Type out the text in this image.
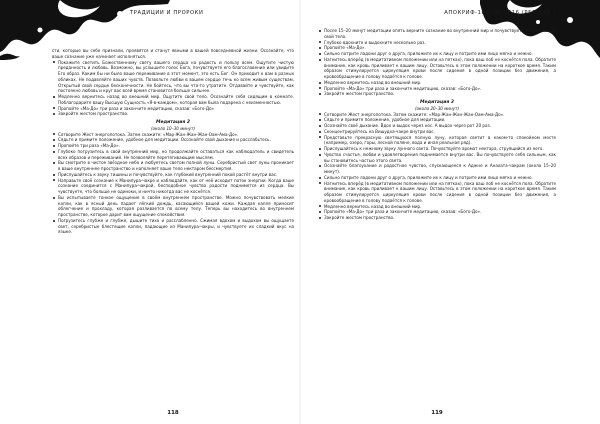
ТРАДИЦИИ И ПРОРОКИ

сти, которые вы себе признали, проявятся и станут явными в вашей повседневной жизни. Осознайте, что ваше сознание уже начинает исполняться.

Покажите светить Божественному свету вашего сердца на радость и пользу всем. Ощутите чистую преданность и любовь. Возможно, вы услышите голос Бога, почувствуете его благословение или увидите Его образ. Каким бы ни было ваше переживание в этот момент, это есть Бог. Он приходит к вам в разных обликах. Не подавляйте ваших чувств. Позвольте любви в вашем сердце течь ко всем живым существам. Открытый свой сердце бесконечности. Не бойтесь, что вы что-то утратите. Отдавайте и чувствуйте, как постоянно любовь и круг вас всей время становится больше сильнее.
Медленно вернитесь назад во внешний мир. Ощутите свой тело. Осознайте себя сидящим в комнате. Поблагодарите вашу Высшую Сущность «Я-в-каждом», которая вам была подарена с неизменностью.
Пропойте «Ма-До» три раза и закончите медитацию, сказав: «Бого-До»
Закройте жестом пространство.
Медитация 2
(около 10–30 минут)
Сотворите Жест энергопотока. Затем скажите: «Мар-Жан-Жан-Жан-Оам-Ама-До».
Сядьте и примите положение, удобное для медитации. Осознайте свой дыхание и расслабьтесь.
Пропойте три раза «Ма-До».
Глубоко погрузитесь в свой внутренний мир, но продолжайте оставаться как наблюдатель и свидетель всех образов и переживаний. Не позволяйте перетягивающим мыслям.
Вы смотрите в чистое звёздное небо и любуетесь светом полной луны. Серебристый свет луны проникает в ваше внутреннее пространство и наполняет ваше тело нектаром бессмертия.
Прислушайтесь к звуку тишины и почувствуйте, как глубокий внутренний покой растёт внутри вас.
Направьте своё сознание к Манипура-чакре и наблюдайте, как от неё исходит поток энергии. Когда ваше сознание соединится с Манипура-чакрой, бесподобное чувство радости поднимется из сердца. Вы чувствуете, что больше не одиноки, и ничто никогда вас не коснётся.
Вы испытываете тонкое ощущение в своём внутреннем пространстве. Можно почувствовать мелкие капли, как в ясный день падает лёгкий дождь, касающийся вашей кожи. Каждая капля приносит облегчение и прохладу, которая разливается по всему телу. Теперь вы находитесь во внутреннем пространстве, которое дарит вам ощущение спокойствия.
Погрузитесь глубже и глубже, дышите тихо и расслабленно. Сжимая вдохом и выдохом вы ощущаете свет, серебристые блестящие капли, падающие из Манипура-чакры, и чувствуете их сладкий вкус на языке.
118
АПОКРИФ-105: 07.2016 (Р52 ИЗЛ.)
После 15–20 минут медитации опять верните сознание во внутренний мир и почувствуйте сознательный свой тело.
Глубоко вдохните и выдохните несколько раз.
Пропойте «Ма-До».
Сильно потрите ладони друг о друга, приложите их к лицу и потрите ими лицо мягко и нежно.
Нагнитесь вперёд (в медитативном положении или на пятках), пока ваш лоб не коснётся пола. Обратите внимание, как кровь приливает к вашим лицу. Оставьтесь в этом положении на короткое время. Таким образом стимулируется циркуляция крови после сидения в одной позиции без движения, а кровообращение в голову подаётся к голове.
Медленно вернитесь назад во внешний мир.
Пропойте «Ма-До» три раза и закончите медитацию, сказав: «Бого-До».
Закройте жестом пространство.
Медитация 3
(около 20–30 минут)
Сотворите Жест энергопотока. Затем скажите: «Мар-Жан-Жан-Жан-Оам-Ама-До».
Сядьте и примите положение, удобное для медитации.
Осознайте своё дыхание. Вдох и выдох через нос. А выдох через рот 20 раз.
Сконцентрируйтесь на Вишудха-чакре внутри вас.
Представьте прекрасную светящуюся полную луну, которая светит в каком-то спокойном месте (например, озеро, горы, лесной поляне, вода и иная реальная ряд).
Прислушайтесь к нежному звуку лунного света. Почувствуйте аромат нектара, струящийся из него.
Чувство счастья, любви и удовлетворения поднимается внутри вас. Вы почувствуете себя сильным, как вы становитесь частью этого света.
Осознайте благоухание и радостное чувство, спускающееся к Аджне и Анахата-чакрам (около 15–20 минут).
Сильно потрите ладони друг о друга, приложите их к лицу и потрите ими лицо мягко и нежно.
Нагнитесь вперёд (в медитативном положении или на пятках), пока ваш лоб не коснётся пола. Обратите внимание, как кровь приливает к вашим лицу. Оставьтесь в этом положении на короткое время. Таким образом стимулируется циркуляция крови после сидения в одной позиции без движения, а кровообращение в голову подаётся к голове.
Медленно вернитесь назад во внешний мир.
Пропойте «Ма-До» три раза и закончите медитацию, сказав: «Бого-До».
Закройте жестом пространство.
119
